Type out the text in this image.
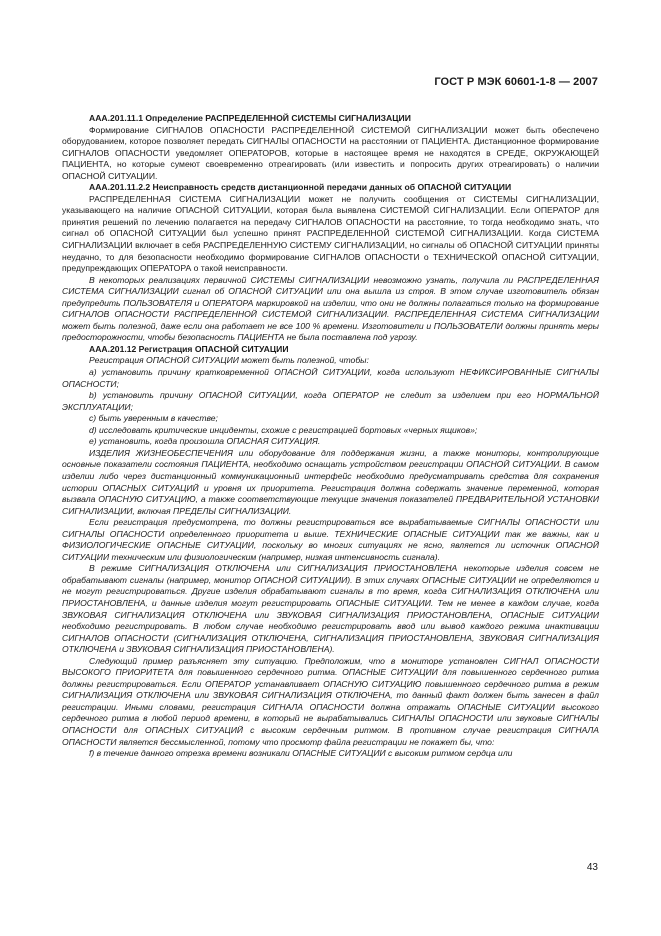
ГОСТ Р МЭК 60601-1-8 — 2007

ААА.201.11.1 Определение РАСПРЕДЕЛЕННОЙ СИСТЕМЫ СИГНАЛИЗАЦИИ

Формирование СИГНАЛОВ ОПАСНОСТИ РАСПРЕДЕЛЕННОЙ СИСТЕМОЙ СИГНАЛИЗАЦИИ может быть обеспечено оборудованием, которое позволяет передать СИГНАЛЫ ОПАСНОСТИ на расстоянии от ПАЦИЕНТА. Дистанционное формирование СИГНАЛОВ ОПАСНОСТИ уведомляет ОПЕРАТОРОВ, которые в настоящее время не находятся в СРЕДЕ, ОКРУЖАЮЩЕЙ ПАЦИЕНТА, но которые сумеют своевременно отреагировать (или известить и попросить других отреагировать) о наличии ОПАСНОЙ СИТУАЦИИ.

ААА.201.11.2.2 Неисправность средств дистанционной передачи данных об ОПАСНОЙ СИТУАЦИИ

РАСПРЕДЕЛЕННАЯ СИСТЕМА СИГНАЛИЗАЦИИ может не получить сообщения от СИСТЕМЫ СИГНАЛИЗАЦИИ, указывающего на наличие ОПАСНОЙ СИТУАЦИИ, которая была выявлена СИСТЕМОЙ СИГНАЛИЗАЦИИ. Если ОПЕРАТОР для принятия решений по лечению полагается на передачу СИГНАЛОВ ОПАСНОСТИ на расстояние, то тогда необходимо знать, что сигнал об ОПАСНОЙ СИТУАЦИИ был успешно принят РАСПРЕДЕЛЕННОЙ СИСТЕМОЙ СИГНАЛИЗАЦИИ. Когда СИСТЕМА СИГНАЛИЗАЦИИ включает в себя РАСПРЕДЕЛЕННУЮ СИСТЕМУ СИГНАЛИЗАЦИИ, но сигналы об ОПАСНОЙ СИТУАЦИИ приняты неудачно, то для безопасности необходимо формирование СИГНАЛОВ ОПАСНОСТИ о ТЕХНИЧЕСКОЙ ОПАСНОЙ СИТУАЦИИ, предупреждающих ОПЕРАТОРА о такой неисправности.

В некоторых реализациях первичной СИСТЕМЫ СИГНАЛИЗАЦИИ невозможно узнать, получила ли РАСПРЕДЕЛЕННАЯ СИСТЕМА СИГНАЛИЗАЦИИ сигнал об ОПАСНОЙ СИТУАЦИИ или она вышла из строя. В этом случае изготовитель обязан предупредить ПОЛЬЗОВАТЕЛЯ и ОПЕРАТОРА маркировкой на изделии, что они не должны полагаться только на формирование СИГНАЛОВ ОПАСНОСТИ РАСПРЕДЕЛЕННОЙ СИСТЕМОЙ СИГНАЛИЗАЦИИ. РАСПРЕДЕЛЕННАЯ СИСТЕМА СИГНАЛИЗАЦИИ может быть полезной, даже если она работает не все 100 % времени. Изготовители и ПОЛЬЗОВАТЕЛИ должны принять меры предосторожности, чтобы безопасность ПАЦИЕНТА не была поставлена под угрозу.

ААА.201.12 Регистрация ОПАСНОЙ СИТУАЦИИ

Регистрация ОПАСНОЙ СИТУАЦИИ может быть полезной, чтобы:

a) установить причину кратковременной ОПАСНОЙ СИТУАЦИИ, когда используют НЕФИКСИРОВАННЫЕ СИГНАЛЫ ОПАСНОСТИ;

b) установить причину ОПАСНОЙ СИТУАЦИИ, когда ОПЕРАТОР не следит за изделием при его НОРМАЛЬНОЙ ЭКСПЛУАТАЦИИ;

c) быть уверенным в качестве;

d) исследовать критические инциденты, схожие с регистрацией бортовых «черных ящиков»;

e) установить, когда произошла ОПАСНАЯ СИТУАЦИЯ.

ИЗДЕЛИЯ ЖИЗНЕОБЕСПЕЧЕНИЯ или оборудование для поддержания жизни, а также мониторы, контролирующие основные показатели состояния ПАЦИЕНТА, необходимо оснащать устройством регистрации ОПАСНОЙ СИТУАЦИИ. В самом изделии либо через дистанционный коммуникационный интерфейс необходимо предусматривать средства для сохранения истории ОПАСНЫХ СИТУАЦИЙ и уровня их приоритета. Регистрация должна содержать значение переменной, которая вызвала ОПАСНУЮ СИТУАЦИЮ, а также соответствующие текущие значения показателей ПРЕДВАРИТЕЛЬНОЙ УСТАНОВКИ СИГНАЛИЗАЦИИ, включая ПРЕДЕЛЫ СИГНАЛИЗАЦИИ.

Если регистрация предусмотрена, то должны регистрироваться все вырабатываемые СИГНАЛЫ ОПАСНОСТИ или СИГНАЛЫ ОПАСНОСТИ определенного приоритета и выше. ТЕХНИЧЕСКИЕ ОПАСНЫЕ СИТУАЦИИ так же важны, как и ФИЗИОЛОГИЧЕСКИЕ ОПАСНЫЕ СИТУАЦИИ, поскольку во многих ситуациях не ясно, является ли источник ОПАСНОЙ СИТУАЦИИ техническим или физиологическим (например, низкая интенсивность сигнала).

В режиме СИГНАЛИЗАЦИЯ ОТКЛЮЧЕНА или СИГНАЛИЗАЦИЯ ПРИОСТАНОВЛЕНА некоторые изделия совсем не обрабатывают сигналы (например, монитор ОПАСНОЙ СИТУАЦИИ). В этих случаях ОПАСНЫЕ СИТУАЦИИ не определяются и не могут регистрироваться. Другие изделия обрабатывают сигналы в то время, когда СИГНАЛИЗАЦИЯ ОТКЛЮЧЕНА или ПРИОСТАНОВЛЕНА, и данные изделия могут регистрировать ОПАСНЫЕ СИТУАЦИИ. Тем не менее в каждом случае, когда ЗВУКОВАЯ СИГНАЛИЗАЦИЯ ОТКЛЮЧЕНА или ЗВУКОВАЯ СИГНАЛИЗАЦИЯ ПРИОСТАНОВЛЕНА, ОПАСНЫЕ СИТУАЦИИ необходимо регистрировать. В любом случае необходимо регистрировать ввод или вывод каждого режима инактивации СИГНАЛОВ ОПАСНОСТИ (СИГНАЛИЗАЦИЯ ОТКЛЮЧЕНА, СИГНАЛИЗАЦИЯ ПРИОСТАНОВЛЕНА, ЗВУКОВАЯ СИГНАЛИЗАЦИЯ ОТКЛЮЧЕНА и ЗВУКОВАЯ СИГНАЛИЗАЦИЯ ПРИОСТАНОВЛЕНА).

Следующий пример разъясняет эту ситуацию. Предположим, что в мониторе установлен СИГНАЛ ОПАСНОСТИ ВЫСОКОГО ПРИОРИТЕТА для повышенного сердечного ритма. ОПАСНЫЕ СИТУАЦИИ для повышенного сердечного ритма должны регистрироваться. Если ОПЕРАТОР устанавливает ОПАСНУЮ СИТУАЦИЮ повышенного сердечного ритма в режим СИГНАЛИЗАЦИЯ ОТКЛЮЧЕНА или ЗВУКОВАЯ СИГНАЛИЗАЦИЯ ОТКЛЮЧЕНА, то данный факт должен быть занесен в файл регистрации. Иными словами, регистрация СИГНАЛА ОПАСНОСТИ должна отражать ОПАСНЫЕ СИТУАЦИИ высокого сердечного ритма в любой период времени, в который не вырабатывались СИГНАЛЫ ОПАСНОСТИ или звуковые СИГНАЛЫ ОПАСНОСТИ для ОПАСНЫХ СИТУАЦИЙ с высоким сердечным ритмом. В противном случае регистрация СИГНАЛА ОПАСНОСТИ является бессмысленной, потому что просмотр файла регистрации не покажет бы, что:

f) в течение данного отрезка времени возникали ОПАСНЫЕ СИТУАЦИИ с высоким ритмом сердца или

43
